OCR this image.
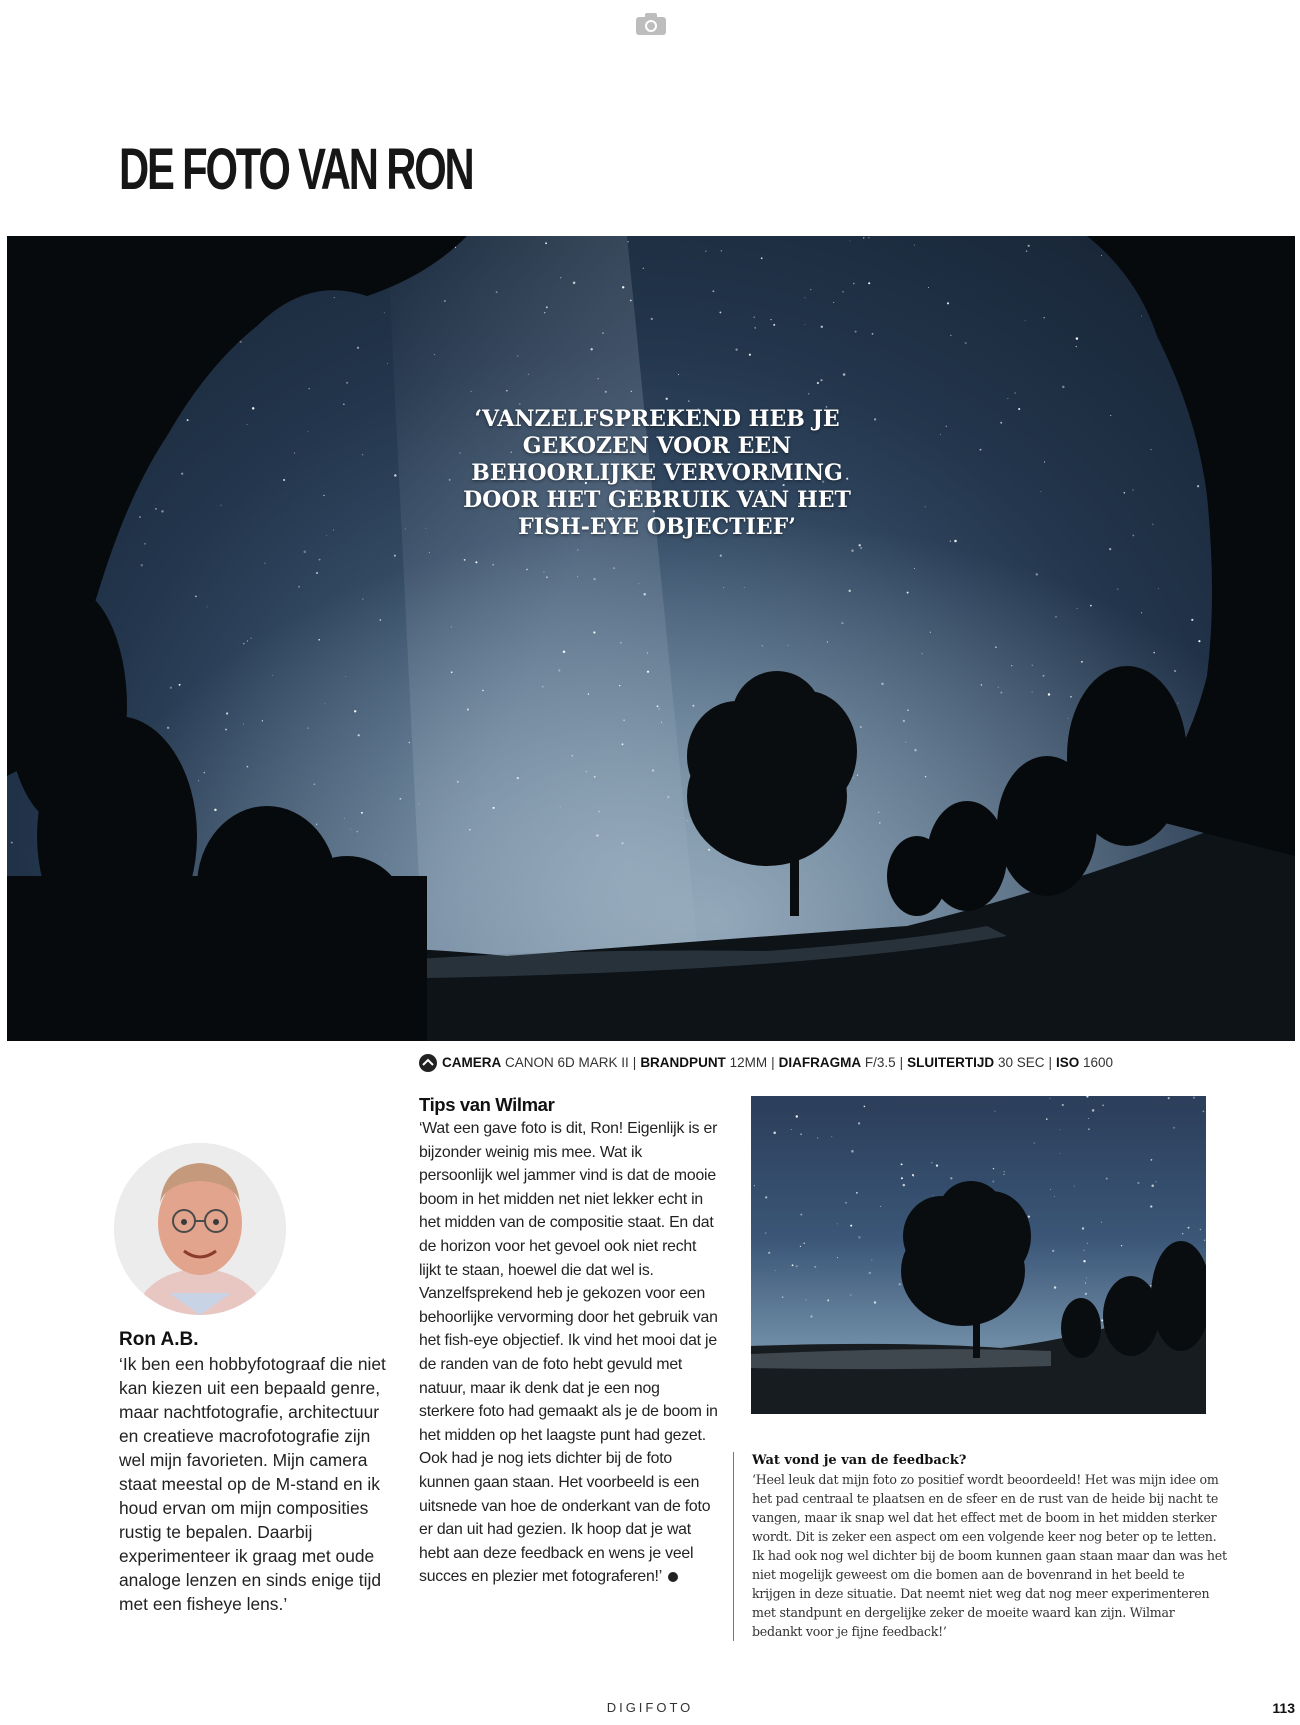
DE FOTO VAN RON

‘VANZELFSPREKEND HEB JE GEKOZEN VOOR EEN BEHOORLIJKE VERVORMING DOOR HET GEBRUIK VAN HET FISH-EYE OBJECTIEF’

CAMERA
CANON 6D MARK II | BRANDPUNT
12MM | DIAFRAGMA
F/3.5 | SLUITERTIJD
30 SEC | ISO
1600

Ron A.B.

‘Ik ben een hobbyfotograaf die niet kan kiezen uit een bepaald genre, maar nachtfotografie, architectuur en creatieve macrofotografie zijn wel mijn favorieten. Mijn camera staat meestal op de M-stand en ik houd ervan om mijn composities rustig te bepalen. Daarbij experimenteer ik graag met oude analoge lenzen en sinds enige tijd met een fisheye lens.’

Tips van Wilmar

‘Wat een gave foto is dit, Ron! Eigenlijk is er bijzonder weinig mis mee. Wat ik persoonlijk wel jammer vind is dat de mooie boom in het midden net niet lekker echt in het midden van de compositie staat. En dat de horizon voor het gevoel ook niet recht lijkt te staan, hoewel die dat wel is. Vanzelfsprekend heb je gekozen voor een behoorlijke vervorming door het gebruik van het fish-eye objectief. Ik vind het mooi dat je de randen van de foto hebt gevuld met natuur, maar ik denk dat je een nog sterkere foto had gemaakt als je de boom in het midden op het laagste punt had gezet. Ook had je nog iets dichter bij de foto kunnen gaan staan. Het voorbeeld is een uitsnede van hoe de onderkant van de foto er dan uit had gezien. Ik hoop dat je wat hebt aan deze feedback en wens je veel succes en plezier met fotograferen!’

Wat vond je van de feedback?

‘Heel leuk dat mijn foto zo positief wordt beoordeeld! Het was mijn idee om het pad centraal te plaatsen en de sfeer en de rust van de heide bij nacht te vangen, maar ik snap wel dat het effect met de boom in het midden sterker wordt. Dit is zeker een aspect om een volgende keer nog beter op te letten. Ik had ook nog wel dichter bij de boom kunnen gaan staan maar dan was het niet mogelijk geweest om die bomen aan de bovenrand in het beeld te krijgen in deze situatie. Dat neemt niet weg dat nog meer experimenteren met standpunt en dergelijke zeker de moeite waard kan zijn. Wilmar bedankt voor je fijne feedback!’

DIGIFOTO	113
